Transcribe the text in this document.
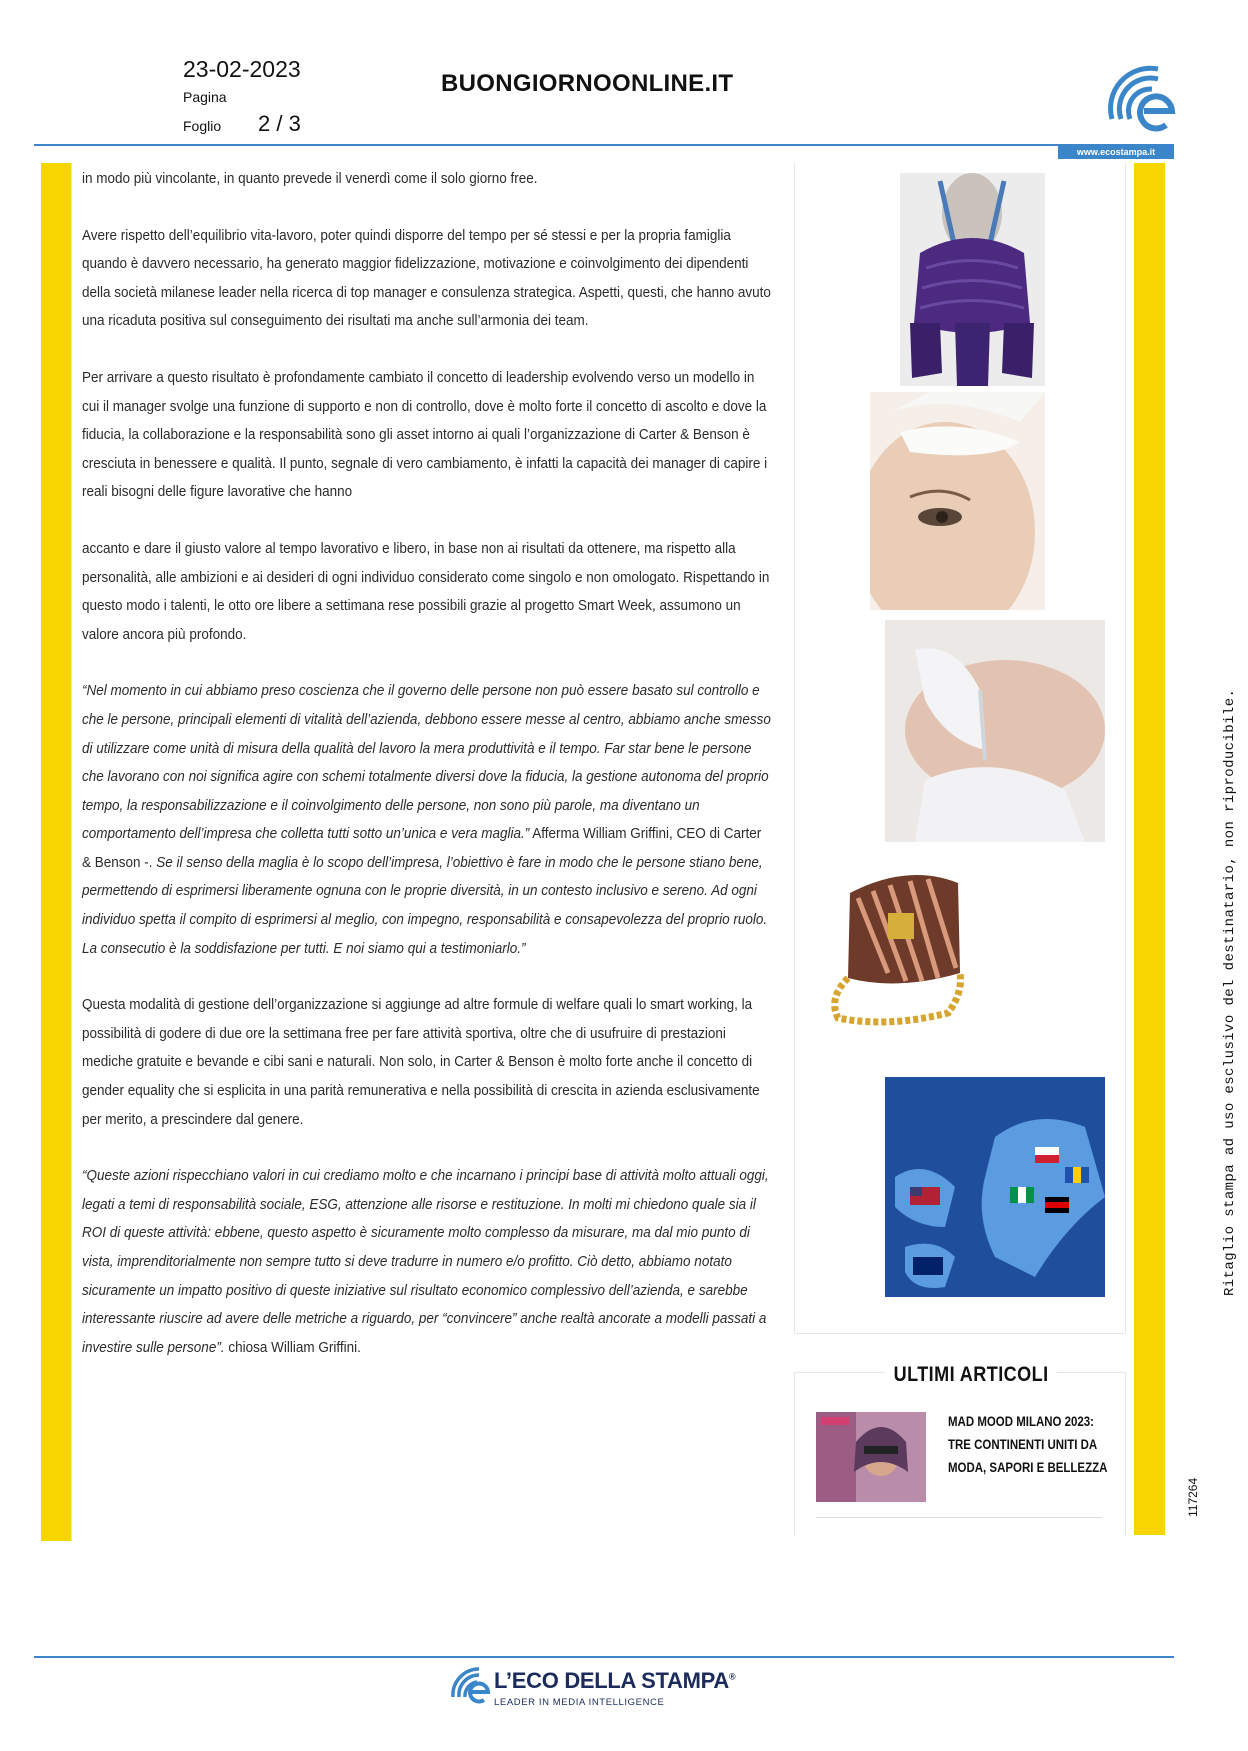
23-02-2023
Pagina
Foglio 2 / 3
BUONGIORNOONLINE.IT
www.ecostampa.it

in modo più vincolante, in quanto prevede il venerdì come il solo giorno free.

Avere rispetto dell’equilibrio vita-lavoro, poter quindi disporre del tempo per sé stessi e per la propria famiglia quando è davvero necessario, ha generato maggior fidelizzazione, motivazione e coinvolgimento dei dipendenti della società milanese leader nella ricerca di top manager e consulenza strategica. Aspetti, questi, che hanno avuto una ricaduta positiva sul conseguimento dei risultati ma anche sull’armonia dei team.

Per arrivare a questo risultato è profondamente cambiato il concetto di leadership evolvendo verso un modello in cui il manager svolge una funzione di supporto e non di controllo, dove è molto forte il concetto di ascolto e dove la fiducia, la collaborazione e la responsabilità sono gli asset intorno ai quali l’organizzazione di Carter & Benson è cresciuta in benessere e qualità. Il punto, segnale di vero cambiamento, è infatti la capacità dei manager di capire i reali bisogni delle figure lavorative che hanno

accanto e dare il giusto valore al tempo lavorativo e libero, in base non ai risultati da ottenere, ma rispetto alla personalità, alle ambizioni e ai desideri di ogni individuo considerato come singolo e non omologato. Rispettando in questo modo i talenti, le otto ore libere a settimana rese possibili grazie al progetto Smart Week, assumono un valore ancora più profondo.

“Nel momento in cui abbiamo preso coscienza che il governo delle persone non può essere basato sul controllo e che le persone, principali elementi di vitalità dell’azienda, debbono essere messe al centro, abbiamo anche smesso di utilizzare come unità di misura della qualità del lavoro la mera produttività e il tempo. Far star bene le persone che lavorano con noi significa agire con schemi totalmente diversi dove la fiducia, la gestione autonoma del proprio tempo, la responsabilizzazione e il coinvolgimento delle persone, non sono più parole, ma diventano un comportamento dell’impresa che colletta tutti sotto un’unica e vera maglia.” Afferma William Griffini, CEO di Carter & Benson -. Se il senso della maglia è lo scopo dell’impresa, l’obiettivo è fare in modo che le persone stiano bene, permettendo di esprimersi liberamente ognuna con le proprie diversità, in un contesto inclusivo e sereno. Ad ogni individuo spetta il compito di esprimersi al meglio, con impegno, responsabilità e consapevolezza del proprio ruolo. La consecutio è la soddisfazione per tutti. E noi siamo qui a testimoniarlo.”

Questa modalità di gestione dell’organizzazione si aggiunge ad altre formule di welfare quali lo smart working, la possibilità di godere di due ore la settimana free per fare attività sportiva, oltre che di usufruire di prestazioni mediche gratuite e bevande e cibi sani e naturali. Non solo, in Carter & Benson è molto forte anche il concetto di gender equality che si esplicita in una parità remunerativa e nella possibilità di crescita in azienda esclusivamente per merito, a prescindere dal genere.

“Queste azioni rispecchiano valori in cui crediamo molto e che incarnano i principi base di attività molto attuali oggi, legati a temi di responsabilità sociale, ESG, attenzione alle risorse e restituzione. In molti mi chiedono quale sia il ROI di queste attività: ebbene, questo aspetto è sicuramente molto complesso da misurare, ma dal mio punto di vista, imprenditorialmente non sempre tutto si deve tradurre in numero e/o profitto. Ciò detto, abbiamo notato sicuramente un impatto positivo di queste iniziative sul risultato economico complessivo dell’azienda, e sarebbe interessante riuscire ad avere delle metriche a riguardo, per “convincere” anche realtà ancorate a modelli passati a investire sulle persone”. chiosa William Griffini.

ULTIMI ARTICOLI
MAD MOOD MILANO 2023: TRE CONTINENTI UNITI DA MODA, SAPORI E BELLEZZA
Ritaglio stampa ad uso esclusivo del destinatario, non riproducibile.
117264
L’ECO DELLA STAMPA®
LEADER IN MEDIA INTELLIGENCE
